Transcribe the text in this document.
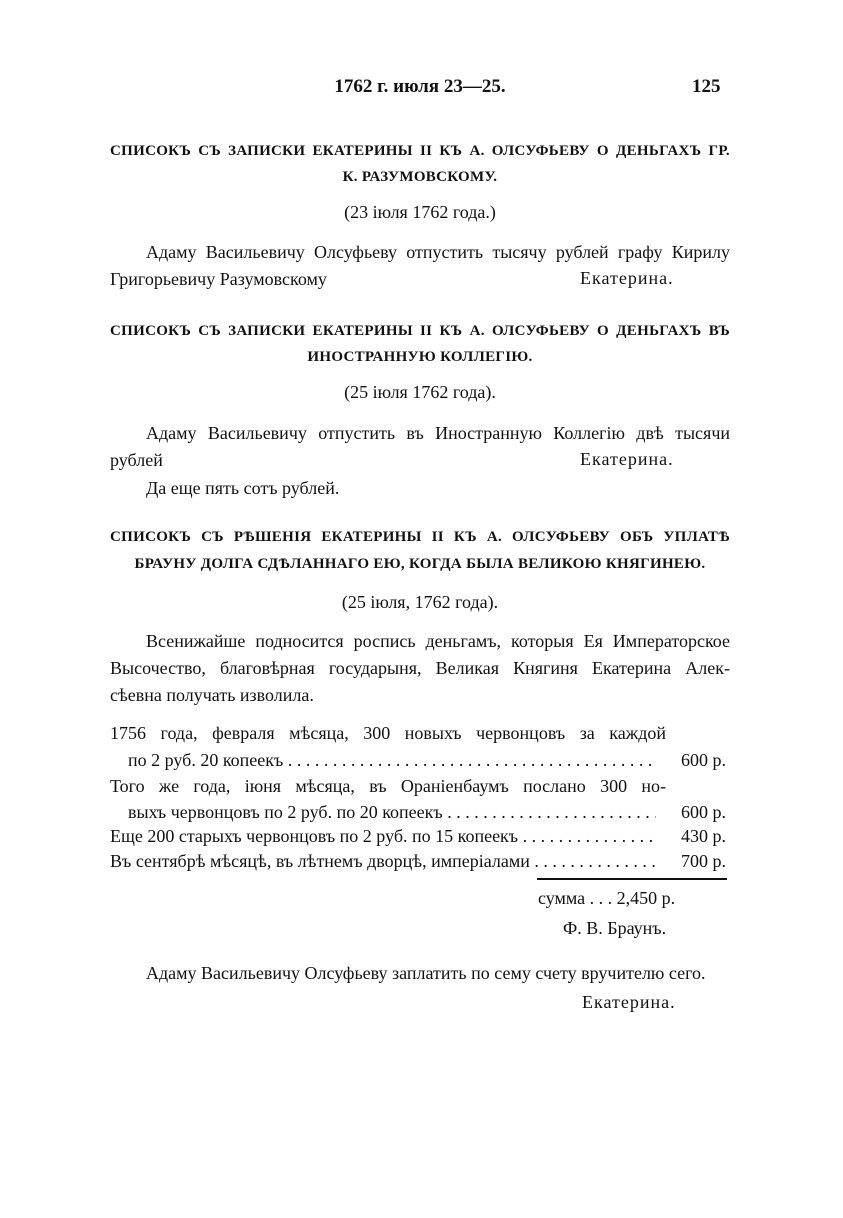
1762 г. июля 23—25.	125
СПИСОКЪ СЪ ЗАПИСКИ ЕКАТЕРИНЫ II КЪ А. ОЛСУФЬЕВУ О ДЕНЬГАХЪ ГР.
К. РАЗУМОВСКОМУ.
(23 іюля 1762 года.)
Адаму Васильевичу Олсуфьеву отпустить тысячу рублей графу Кирилу
Григорьевичу Разумовскому	Екатерина.
СПИСОКЪ СЪ ЗАПИСКИ ЕКАТЕРИНЫ II КЪ А. ОЛСУФЬЕВУ О ДЕНЬГАХЪ ВЪ
ИНОСТРАННУЮ КОЛЛЕГІЮ.
(25 іюля 1762 года).
Адаму Васильевичу отпустить въ Иностранную Коллегію двѣ тысячи
рублей	Екатерина.
Да еще пять сотъ рублей.
СПИСОКЪ СЪ РѢШЕНІЯ ЕКАТЕРИНЫ II КЪ А. ОЛСУФЬЕВУ ОБЪ УПЛАТѢ
БРАУНУ ДОЛГА СДѢЛАННАГО ЕЮ, КОГДА БЫЛА ВЕЛИКОЮ КНЯГИНЕЮ.
(25 іюля, 1762 года).
Всенижайше подносится роспись деньгамъ, которыя Ея Императорское
Высочество, благовѣрная государыня, Великая Княгиня Екатерина Алек-
сѣевна получать изволила.
1756 года, февраля мѣсяца, 300 новыхъ червонцовъ за каждой
по 2 руб. 20 копеекъ . . .	600 р.
Того же года, іюня мѣсяца, въ Ораніенбаумъ послано 300 но-
выхъ червонцовъ по 2 руб. по 20 копеекъ . . .	600 р.
Еще 200 старыхъ червонцовъ по 2 руб. по 15 копеекъ . . .	430 р.
Въ сентябрѣ мѣсяцѣ, въ лѣтнемъ дворцѣ, имперіалами . . .	700 р.
сумма . . . 2,450 р.
Ф. В. Браунъ.
Адаму Васильевичу Олсуфьеву заплатить по сему счету вручителю сего.
Екатерина.
